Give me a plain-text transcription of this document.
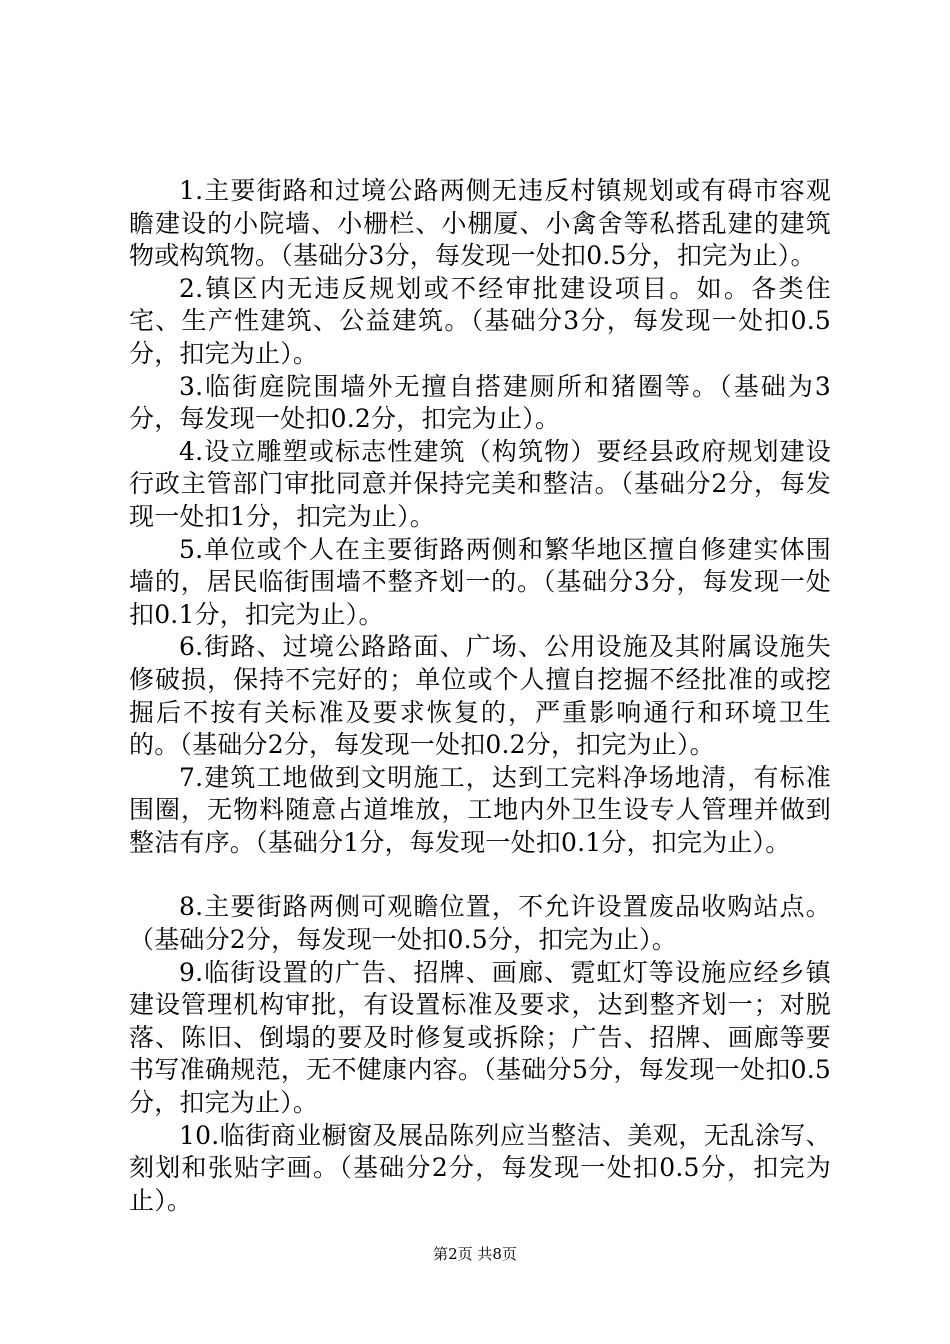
1.主要街路和过境公路两侧无违反村镇规划或有碍市容观瞻建设的小院墙、小栅栏、小棚厦、小禽舍等私搭乱建的建筑物或构筑物。（基础分3分，每发现一处扣0.5分，扣完为止）。

2.镇区内无违反规划或不经审批建设项目。如。各类住宅、生产性建筑、公益建筑。（基础分3分，每发现一处扣0.5分，扣完为止）。

3.临街庭院围墙外无擅自搭建厕所和猪圈等。（基础为3分，每发现一处扣0.2分，扣完为止）。

4.设立雕塑或标志性建筑（构筑物）要经县政府规划建设行政主管部门审批同意并保持完美和整洁。（基础分2分，每发现一处扣1分，扣完为止）。

5.单位或个人在主要街路两侧和繁华地区擅自修建实体围墙的，居民临街围墙不整齐划一的。（基础分3分，每发现一处扣0.1分，扣完为止）。

6.街路、过境公路路面、广场、公用设施及其附属设施失修破损，保持不完好的；单位或个人擅自挖掘不经批准的或挖掘后不按有关标准及要求恢复的，严重影响通行和环境卫生的。（基础分2分，每发现一处扣0.2分，扣完为止）。

7.建筑工地做到文明施工，达到工完料净场地清，有标准围圈，无物料随意占道堆放，工地内外卫生设专人管理并做到整洁有序。（基础分1分，每发现一处扣0.1分，扣完为止）。

8.主要街路两侧可观瞻位置，不允许设置废品收购站点。（基础分2分，每发现一处扣0.5分，扣完为止）。

9.临街设置的广告、招牌、画廊、霓虹灯等设施应经乡镇建设管理机构审批，有设置标准及要求，达到整齐划一；对脱落、陈旧、倒塌的要及时修复或拆除；广告、招牌、画廊等要书写准确规范，无不健康内容。（基础分5分，每发现一处扣0.5分，扣完为止）。

10.临街商业橱窗及展品陈列应当整洁、美观，无乱涂写、刻划和张贴字画。（基础分2分，每发现一处扣0.5分，扣完为止）。

第2页 共8页
